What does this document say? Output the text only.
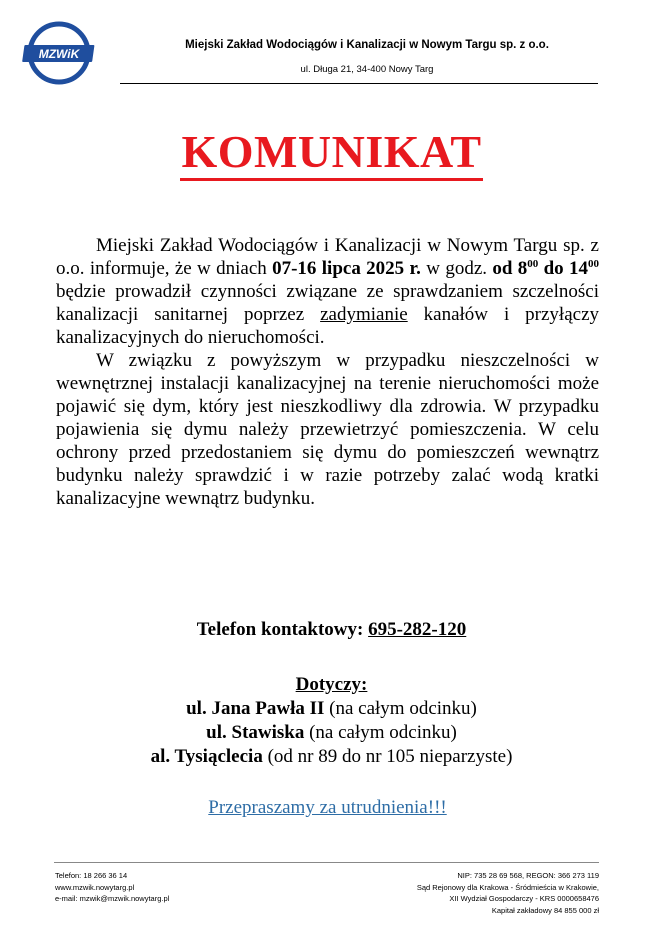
MZWiK
Miejski Zakład Wodociągów i Kanalizacji w Nowym Targu sp. z o.o.
ul. Długa 21, 34-400 Nowy Targ
KOMUNIKAT

Miejski Zakład Wodociągów i Kanalizacji w Nowym Targu sp. z o.o. informuje, że w dniach 07-16 lipca 2025 r. w godz. od $8^{00}$ do $14^{00}$ będzie prowadził czynności związane ze sprawdzaniem szczelności kanalizacji sanitarnej poprzez zadymianie kanałów i przyłączy kanalizacyjnych do nieruchomości.

W związku z powyższym w przypadku nieszczelności w wewnętrznej instalacji kanalizacyjnej na terenie nieruchomości może pojawić się dym, który jest nieszkodliwy dla zdrowia. W przypadku pojawienia się dymu należy przewietrzyć pomieszczenia. W celu ochrony przed przedostaniem się dymu do pomieszczeń wewnątrz budynku należy sprawdzić i w razie potrzeby zalać wodą kratki kanalizacyjne wewnątrz budynku.

Telefon kontaktowy: 695-282-120
Dotyczy:
ul. Jana Pawła II (na całym odcinku)
ul. Stawiska (na całym odcinku)
al. Tysiąclecia (od nr 89 do nr 105 nieparzyste)
Przepraszamy za utrudnienia!!!
Telefon: 18 266 36 14
www.mzwik.nowytarg.pl
e-mail: mzwik@mzwik.nowytarg.pl
NIP: 735 28 69 568, REGON: 366 273 119
Sąd Rejonowy dla Krakowa - Śródmieścia w Krakowie,
XII Wydział Gospodarczy - KRS 0000658476
Kapitał zakładowy 84 855 000 zł
